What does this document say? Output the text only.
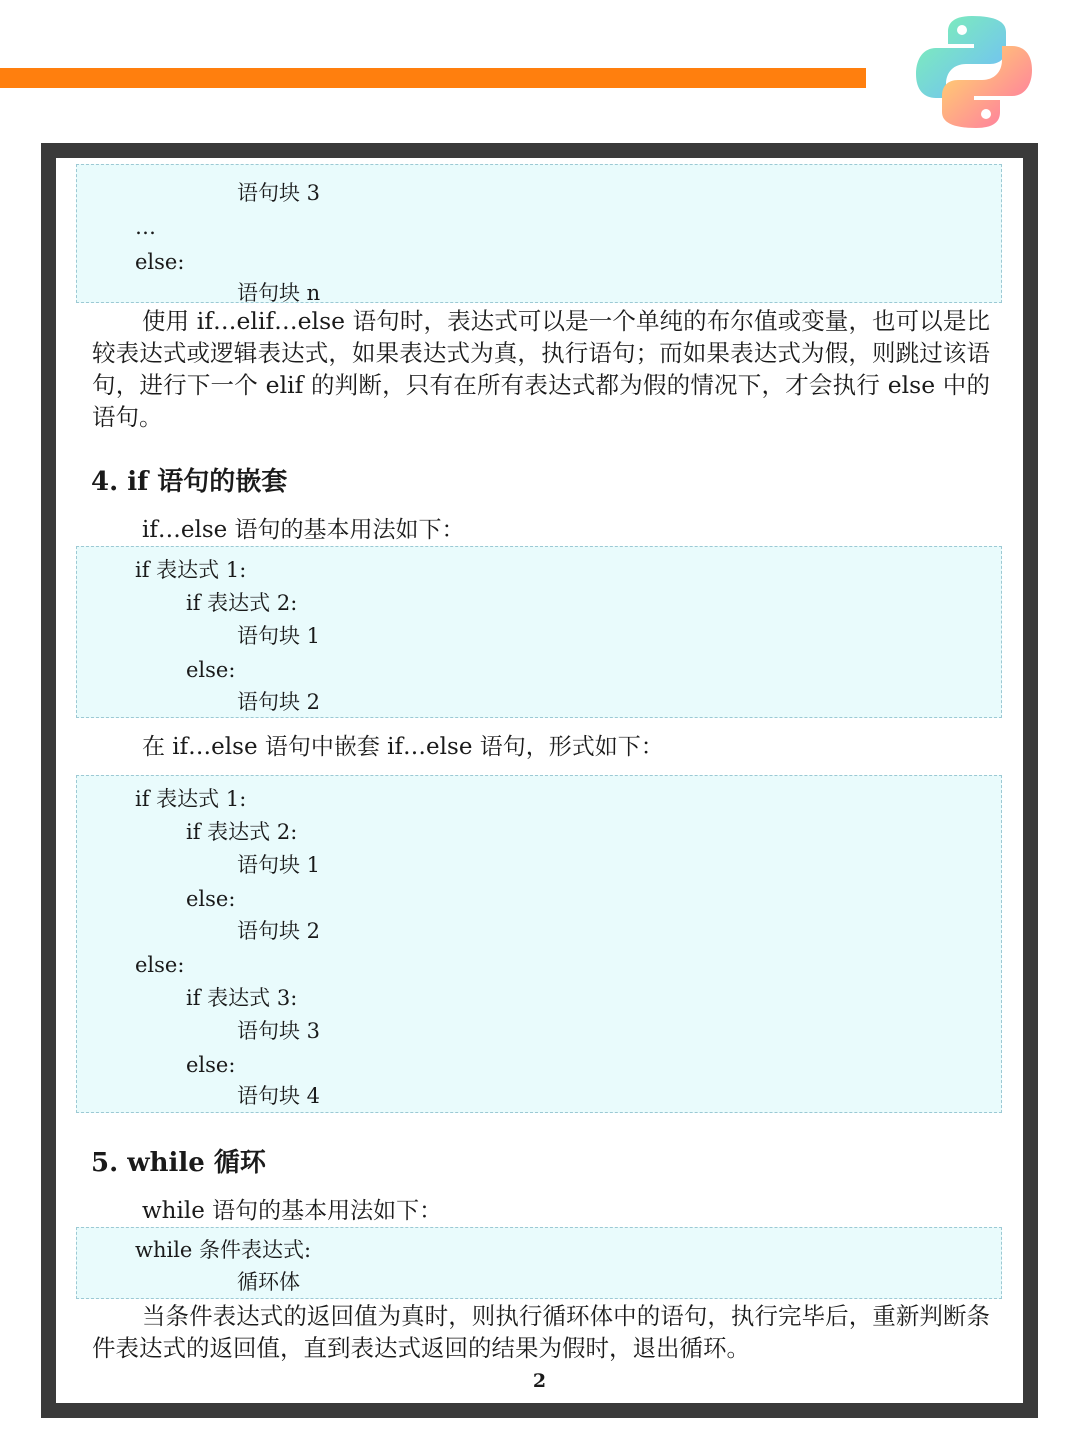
语句块 3
…
else:
语句块 n

使用 if…elif…else 语句时，表达式可以是一个单纯的布尔值或变量，也可以是比较表达式或逻辑表达式，如果表达式为真，执行语句；而如果表达式为假，则跳过该语句，进行下一个 elif 的判断，只有在所有表达式都为假的情况下，才会执行 else 中的语句。

4. if 语句的嵌套
if…else 语句的基本用法如下：
if 表达式 1:
if 表达式 2:
语句块 1
else:
语句块 2
在 if…else 语句中嵌套 if…else 语句，形式如下：
if 表达式 1:
if 表达式 2:
语句块 1
else:
语句块 2
else:
if 表达式 3:
语句块 3
else:
语句块 4
5. while 循环
while 语句的基本用法如下：
while 条件表达式:
循环体

当条件表达式的返回值为真时，则执行循环体中的语句，执行完毕后，重新判断条件表达式的返回值，直到表达式返回的结果为假时，退出循环。

2
